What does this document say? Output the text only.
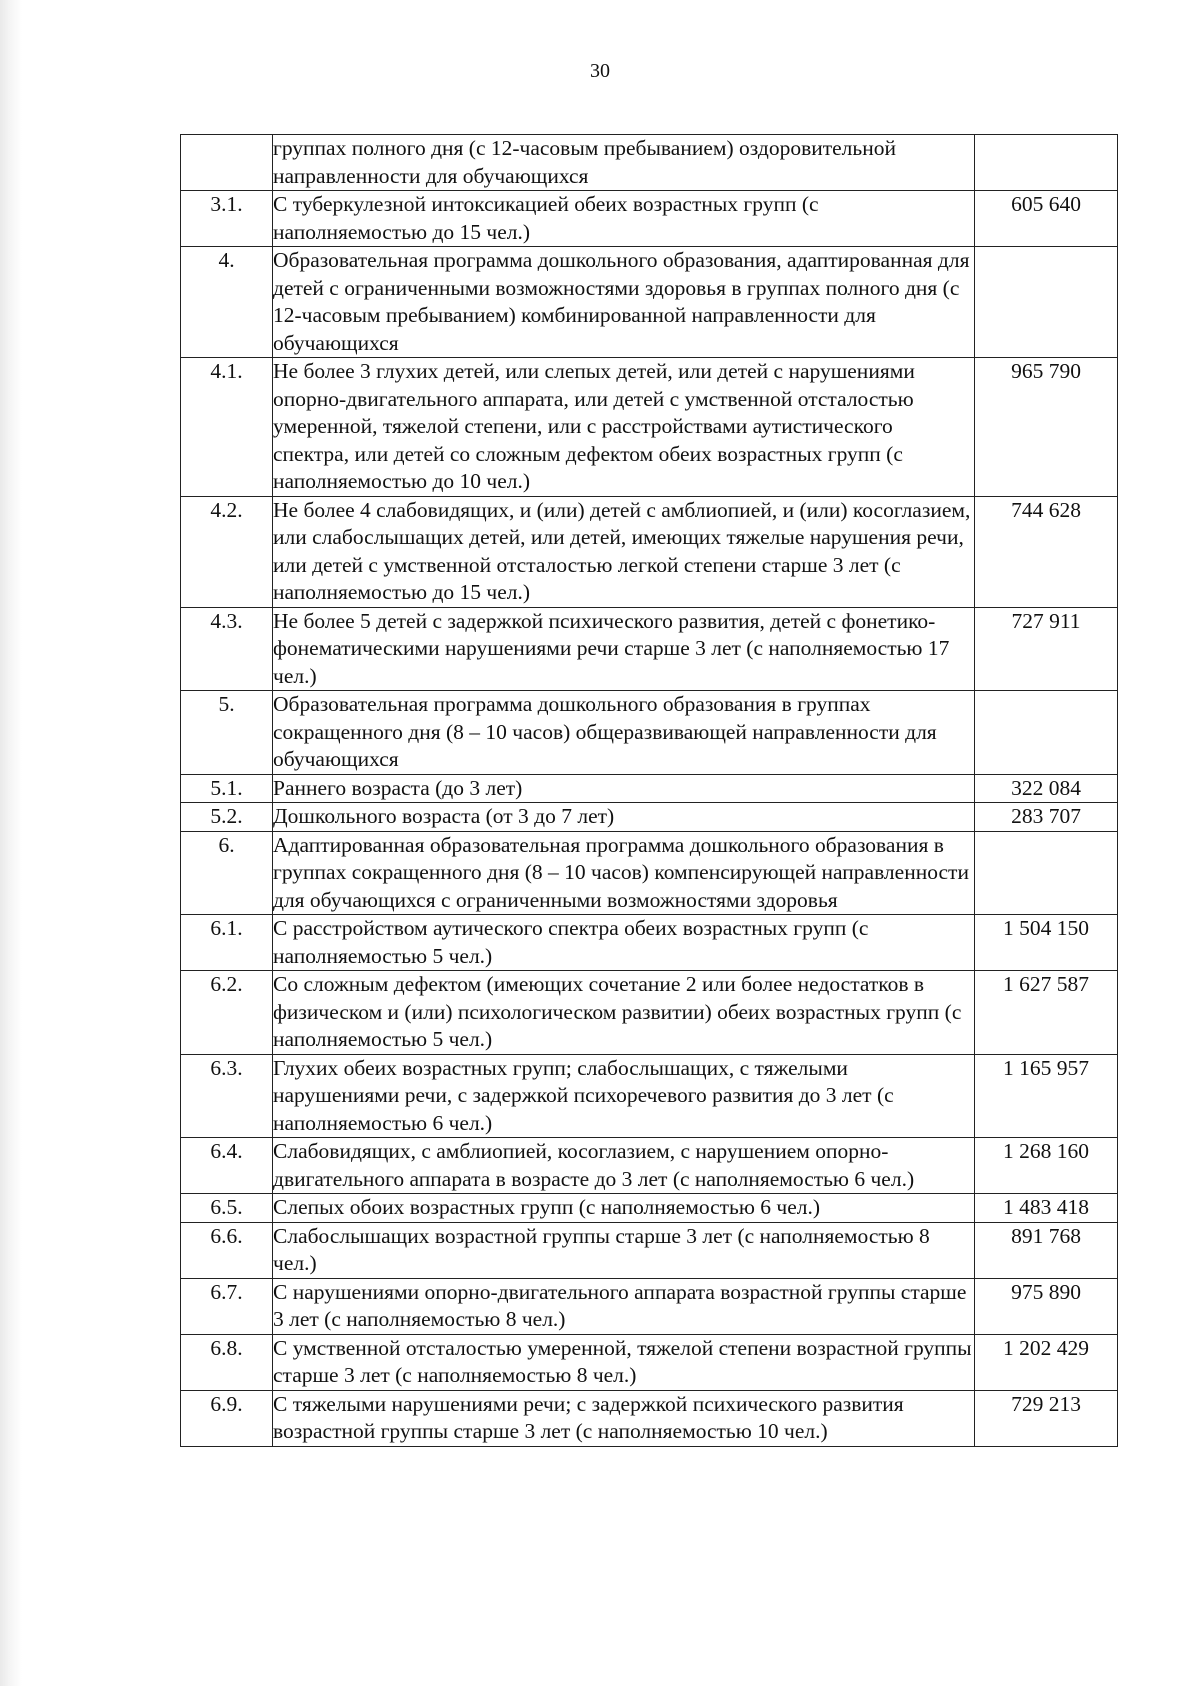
30
	группах полного дня (с 12-часовым пребыванием) оздоровительной направленности для обучающихся	
3.1.	С туберкулезной интоксикацией обеих возрастных групп (с наполняемостью до 15 чел.)	605 640
4.	Образовательная программа дошкольного образования, адаптированная для детей с ограниченными возможностями здоровья в группах полного дня (с 12-часовым пребыванием) комбинированной направленности для обучающихся	
4.1.	Не более 3 глухих детей, или слепых детей, или детей с нарушениями опорно-двигательного аппарата, или детей с умственной отсталостью умеренной, тяжелой степени, или с расстройствами аутистического спектра, или детей со сложным дефектом обеих возрастных групп (с наполняемостью до 10 чел.)	965 790
4.2.	Не более 4 слабовидящих, и (или) детей с амблиопией, и (или) косоглазием, или слабослышащих детей, или детей, имеющих тяжелые нарушения речи, или детей с умственной отсталостью легкой степени старше 3 лет (с наполняемостью до 15 чел.)	744 628
4.3.	Не более 5 детей с задержкой психического развития, детей с фонетико-фонематическими нарушениями речи старше 3 лет (с наполняемостью 17 чел.)	727 911
5.	Образовательная программа дошкольного образования в группах сокращенного дня (8 – 10 часов) общеразвивающей направленности для обучающихся	
5.1.	Раннего возраста (до 3 лет)	322 084
5.2.	Дошкольного возраста (от 3 до 7 лет)	283 707
6.	Адаптированная образовательная программа дошкольного образования в группах сокращенного дня (8 – 10 часов) компенсирующей направленности для обучающихся с ограниченными возможностями здоровья	
6.1.	С расстройством аутического спектра обеих возрастных групп (с наполняемостью 5 чел.)	1 504 150
6.2.	Со сложным дефектом (имеющих сочетание 2 или более недостатков в физическом и (или) психологическом развитии) обеих возрастных групп (с наполняемостью 5 чел.)	1 627 587
6.3.	Глухих обеих возрастных групп; слабослышащих, с тяжелыми нарушениями речи, с задержкой психоречевого развития до 3 лет (с наполняемостью 6 чел.)	1 165 957
6.4.	Слабовидящих, с амблиопией, косоглазием, с нарушением опорно-двигательного аппарата в возрасте до 3 лет (с наполняемостью 6 чел.)	1 268 160
6.5.	Слепых обоих возрастных групп (с наполняемостью 6 чел.)	1 483 418
6.6.	Слабослышащих возрастной группы старше 3 лет (с наполняемостью 8 чел.)	891 768
6.7.	С нарушениями опорно-двигательного аппарата возрастной группы старше 3 лет (с наполняемостью 8 чел.)	975 890
6.8.	С умственной отсталостью умеренной, тяжелой степени возрастной группы старше 3 лет (с наполняемостью 8 чел.)	1 202 429
6.9.	С тяжелыми нарушениями речи; с задержкой психического развития возрастной группы старше 3 лет (с наполняемостью 10 чел.)	729 213
